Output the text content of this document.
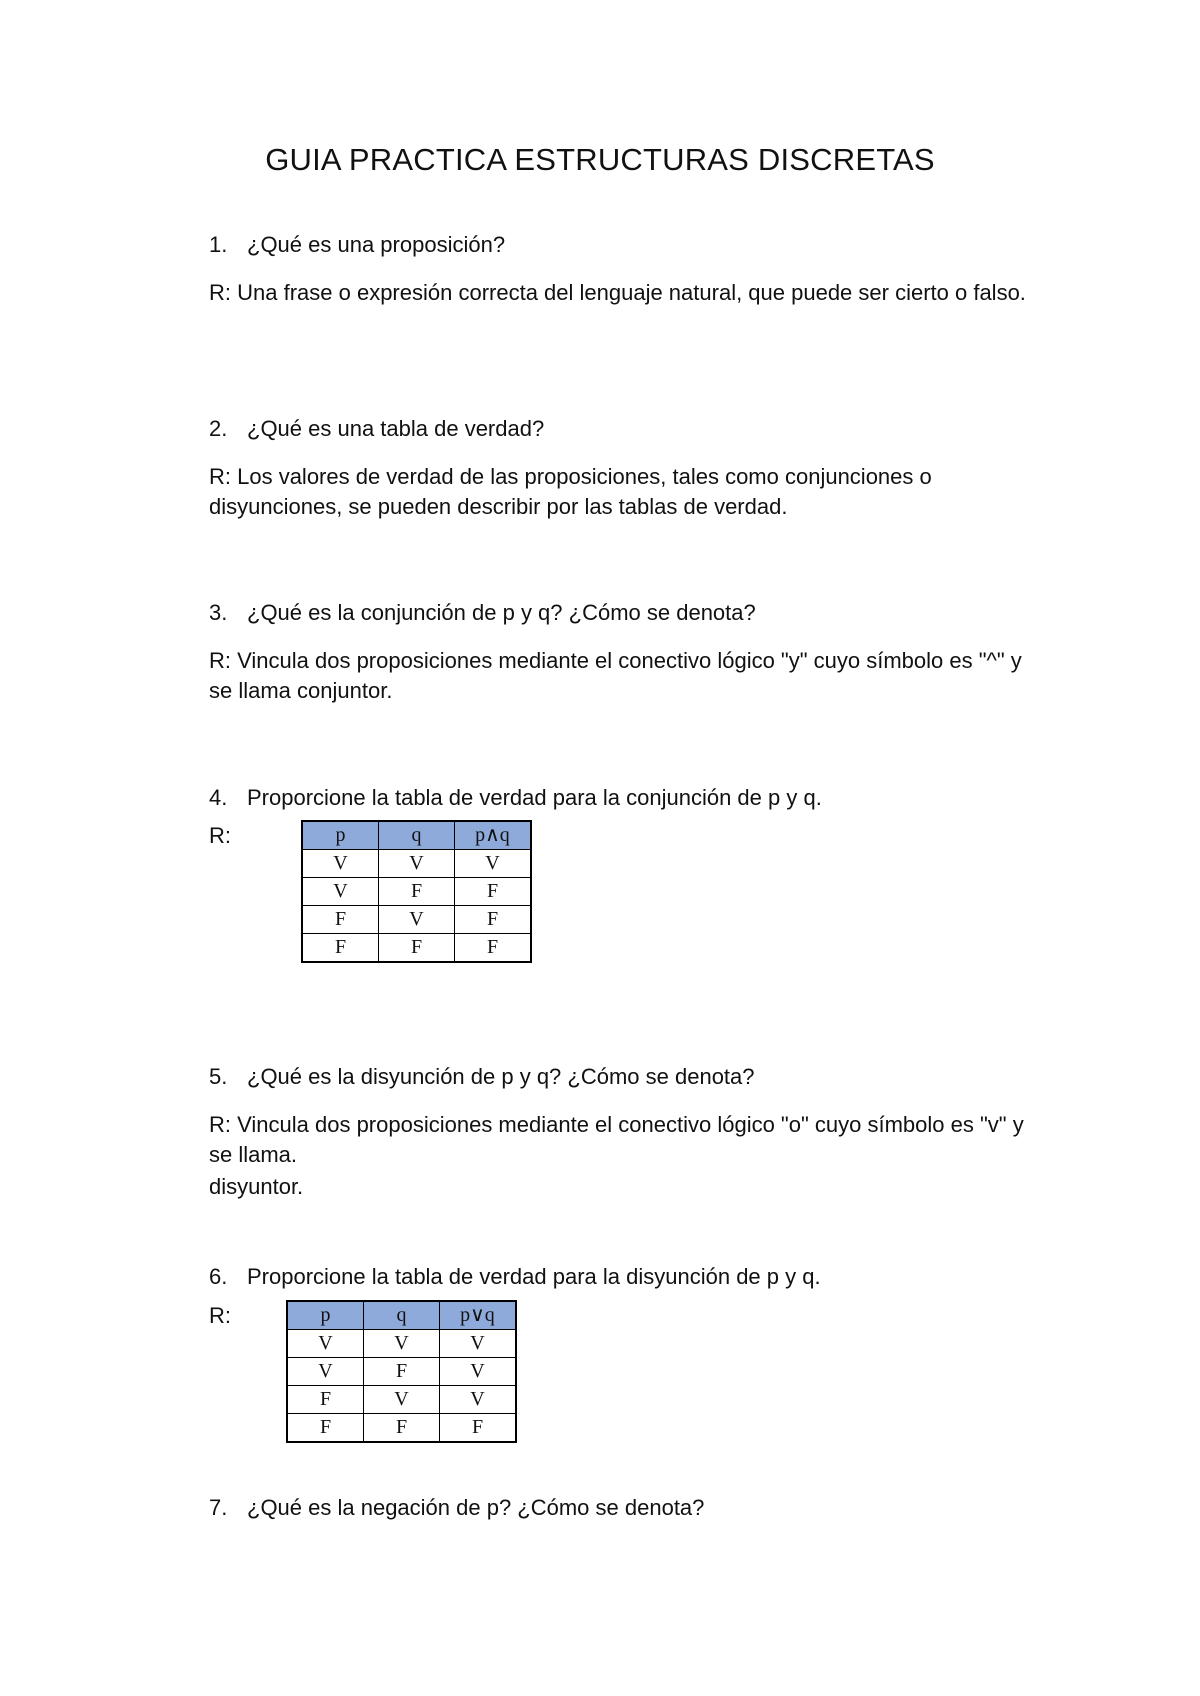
GUIA PRACTICA ESTRUCTURAS DISCRETAS
1. ¿Qué es una proposición?
R: Una frase o expresión correcta del lenguaje natural, que puede ser cierto o falso.
2. ¿Qué es una tabla de verdad?
R: Los valores de verdad de las proposiciones, tales como conjunciones o disyunciones, se pueden describir por las tablas de verdad.
3. ¿Qué es la conjunción de p y q? ¿Cómo se denota?
R: Vincula dos proposiciones mediante el conectivo lógico "y" cuyo símbolo es "^" y se llama conjuntor.
4. Proporcione la tabla de verdad para la conjunción de p y q.
R:	p	q	p∧q
V	V	V
V	F	F
F	V	F
F	F	F
5. ¿Qué es la disyunción de p y q? ¿Cómo se denota?
R: Vincula dos proposiciones mediante el conectivo lógico "o" cuyo símbolo es "v" y se llama.
disyuntor.
6. Proporcione la tabla de verdad para la disyunción de p y q.
R:	p	q	p∨q
V	V	V
V	F	V
F	V	V
F	F	F
7. ¿Qué es la negación de p? ¿Cómo se denota?
